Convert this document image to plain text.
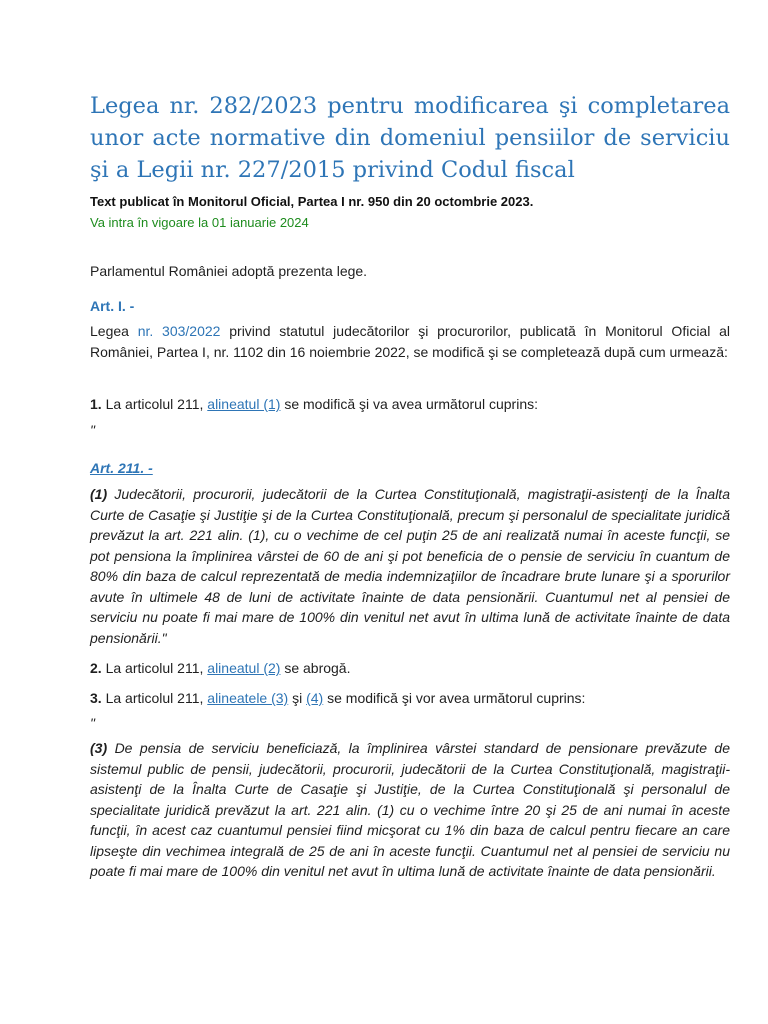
Legea nr. 282/2023 pentru modificarea şi completarea unor acte normative din domeniul pensiilor de serviciu şi a Legii nr. 227/2015 privind Codul fiscal
Text publicat în Monitorul Oficial, Partea I nr. 950 din 20 octombrie 2023.
Va intra în vigoare la 01 ianuarie 2024
Parlamentul României adoptă prezenta lege.
Art. I. -
Legea nr. 303/2022 privind statutul judecătorilor şi procurorilor, publicată în Monitorul Oficial al României, Partea I, nr. 1102 din 16 noiembrie 2022, se modifică şi se completează după cum urmează:
1. La articolul 211, alineatul (1) se modifică şi va avea următorul cuprins:
"
Art. 211. -
(1) Judecătorii, procurorii, judecătorii de la Curtea Constituţională, magistraţii-asistenţi de la Înalta Curte de Casaţie şi Justiţie şi de la Curtea Constituţională, precum şi personalul de specialitate juridică prevăzut la art. 221 alin. (1), cu o vechime de cel puţin 25 de ani realizată numai în aceste funcţii, se pot pensiona la împlinirea vârstei de 60 de ani şi pot beneficia de o pensie de serviciu în cuantum de 80% din baza de calcul reprezentată de media indemnizaţiilor de încadrare brute lunare şi a sporurilor avute în ultimele 48 de luni de activitate înainte de data pensionării. Cuantumul net al pensiei de serviciu nu poate fi mai mare de 100% din venitul net avut în ultima lună de activitate înainte de data pensionării."
2. La articolul 211, alineatul (2) se abrogă.
3. La articolul 211, alineatele (3) şi (4) se modifică şi vor avea următorul cuprins:
"
(3) De pensia de serviciu beneficiază, la împlinirea vârstei standard de pensionare prevăzute de sistemul public de pensii, judecătorii, procurorii, judecătorii de la Curtea Constituţională, magistraţii-asistenţi de la Înalta Curte de Casaţie şi Justiţie, de la Curtea Constituţională şi personalul de specialitate juridică prevăzut la art. 221 alin. (1) cu o vechime între 20 şi 25 de ani numai în aceste funcţii, în acest caz cuantumul pensiei fiind micşorat cu 1% din baza de calcul pentru fiecare an care lipseşte din vechimea integrală de 25 de ani în aceste funcţii. Cuantumul net al pensiei de serviciu nu poate fi mai mare de 100% din venitul net avut în ultima lună de activitate înainte de data pensionării.
